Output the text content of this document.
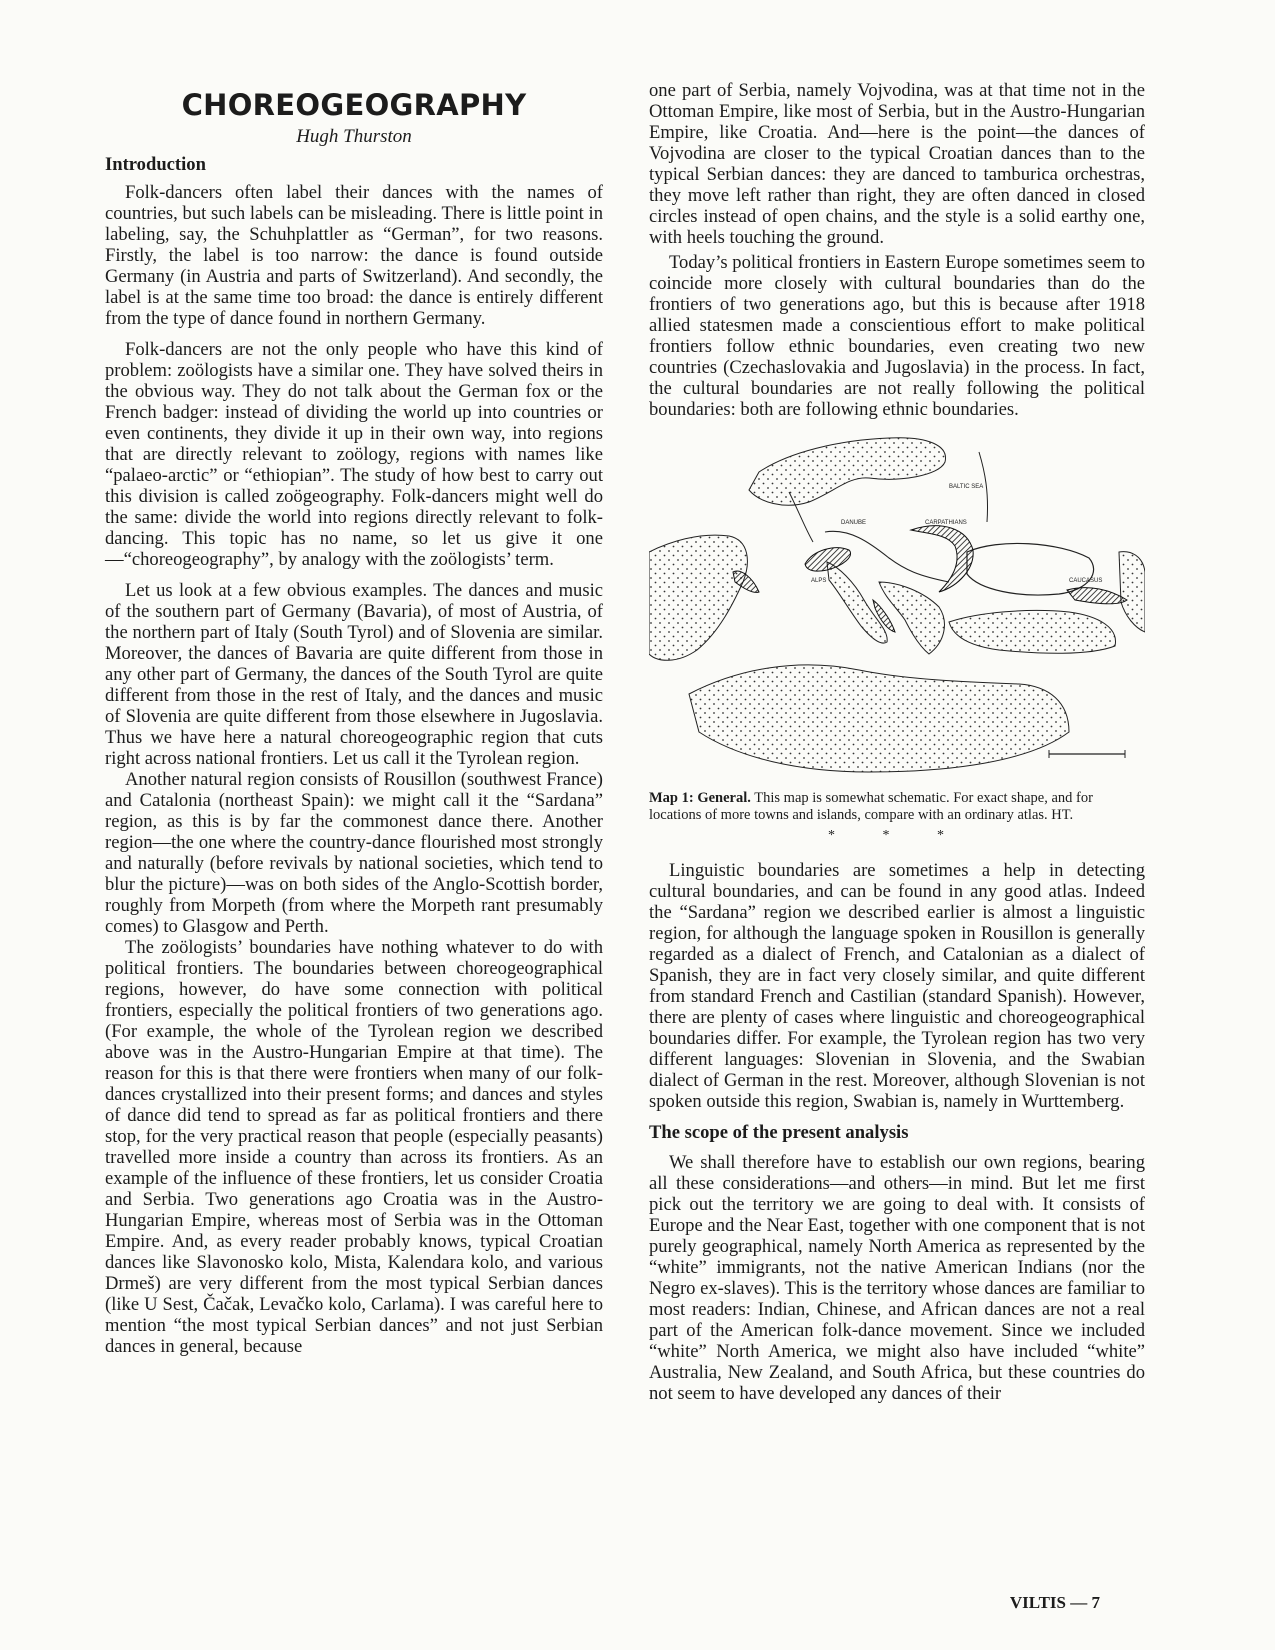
CHOREOGEOGRAPHY
Hugh Thurston
Introduction

Folk-dancers often label their dances with the names of countries, but such labels can be misleading. There is little point in labeling, say, the Schuhplattler as “German”, for two reasons. Firstly, the label is too narrow: the dance is found outside Germany (in Austria and parts of Switzerland). And secondly, the label is at the same time too broad: the dance is entirely different from the type of dance found in northern Germany.

Folk-dancers are not the only people who have this kind of problem: zoölogists have a similar one. They have solved theirs in the obvious way. They do not talk about the German fox or the French badger: instead of dividing the world up into countries or even continents, they divide it up in their own way, into regions that are directly relevant to zoölogy, regions with names like “palaeo-arctic” or “ethiopian”. The study of how best to carry out this division is called zoögeography. Folk-dancers might well do the same: divide the world into regions directly relevant to folk-dancing. This topic has no name, so let us give it one—“choreogeography”, by analogy with the zoölogists’ term.

Let us look at a few obvious examples. The dances and music of the southern part of Germany (Bavaria), of most of Austria, of the northern part of Italy (South Tyrol) and of Slovenia are similar. Moreover, the dances of Bavaria are quite different from those in any other part of Germany, the dances of the South Tyrol are quite different from those in the rest of Italy, and the dances and music of Slovenia are quite different from those elsewhere in Jugoslavia. Thus we have here a natural choreogeographic region that cuts right across national frontiers. Let us call it the Tyrolean region.

Another natural region consists of Rousillon (southwest France) and Catalonia (northeast Spain): we might call it the “Sardana” region, as this is by far the commonest dance there. Another region—the one where the country-dance flourished most strongly and naturally (before revivals by national societies, which tend to blur the picture)—was on both sides of the Anglo-Scottish border, roughly from Morpeth (from where the Morpeth rant presumably comes) to Glasgow and Perth.

The zoölogists’ boundaries have nothing whatever to do with political frontiers. The boundaries between choreogeographical regions, however, do have some connection with political frontiers, especially the political frontiers of two generations ago. (For example, the whole of the Tyrolean region we described above was in the Austro-Hungarian Empire at that time). The reason for this is that there were frontiers when many of our folk-dances crystallized into their present forms; and dances and styles of dance did tend to spread as far as political frontiers and there stop, for the very practical reason that people (especially peasants) travelled more inside a country than across its frontiers. As an example of the influence of these frontiers, let us consider Croatia and Serbia. Two generations ago Croatia was in the Austro-Hungarian Empire, whereas most of Serbia was in the Ottoman Empire. And, as every reader probably knows, typical Croatian dances like Slavonosko kolo, Mista, Kalendara kolo, and various Drmeš) are very different from the most typical Serbian dances (like U Sest, Čačak, Levačko kolo, Carlama). I was careful here to mention “the most typical Serbian dances” and not just Serbian dances in general, because

one part of Serbia, namely Vojvodina, was at that time not in the Ottoman Empire, like most of Serbia, but in the Austro-Hungarian Empire, like Croatia. And—here is the point—the dances of Vojvodina are closer to the typical Croatian dances than to the typical Serbian dances: they are danced to tamburica orchestras, they move left rather than right, they are often danced in closed circles instead of open chains, and the style is a solid earthy one, with heels touching the ground.

Today’s political frontiers in Eastern Europe sometimes seem to coincide more closely with cultural boundaries than do the frontiers of two generations ago, but this is because after 1918 allied statesmen made a conscientious effort to make political frontiers follow ethnic boundaries, even creating two new countries (Czechaslovakia and Jugoslavia) in the process. In fact, the cultural boundaries are not really following the political boundaries: both are following ethnic boundaries.

CARPATHIANS
DANUBE
ALPS	CAUCASUS
BALTIC SEA
Map 1: General. This map is somewhat schematic. For exact shape, and for locations of more towns and islands, compare with an ordinary atlas. HT.
* * *

Linguistic boundaries are sometimes a help in detecting cultural boundaries, and can be found in any good atlas. Indeed the “Sardana” region we described earlier is almost a linguistic region, for although the language spoken in Rousillon is generally regarded as a dialect of French, and Catalonian as a dialect of Spanish, they are in fact very closely similar, and quite different from standard French and Castilian (standard Spanish). However, there are plenty of cases where linguistic and choreogeographical boundaries differ. For example, the Tyrolean region has two very different languages: Slovenian in Slovenia, and the Swabian dialect of German in the rest. Moreover, although Slovenian is not spoken outside this region, Swabian is, namely in Wurttemberg.

The scope of the present analysis

We shall therefore have to establish our own regions, bearing all these considerations—and others—in mind. But let me first pick out the territory we are going to deal with. It consists of Europe and the Near East, together with one component that is not purely geographical, namely North America as represented by the “white” immigrants, not the native American Indians (nor the Negro ex-slaves). This is the territory whose dances are familiar to most readers: Indian, Chinese, and African dances are not a real part of the American folk-dance movement. Since we included “white” North America, we might also have included “white” Australia, New Zealand, and South Africa, but these countries do not seem to have developed any dances of their

VILTIS — 7
